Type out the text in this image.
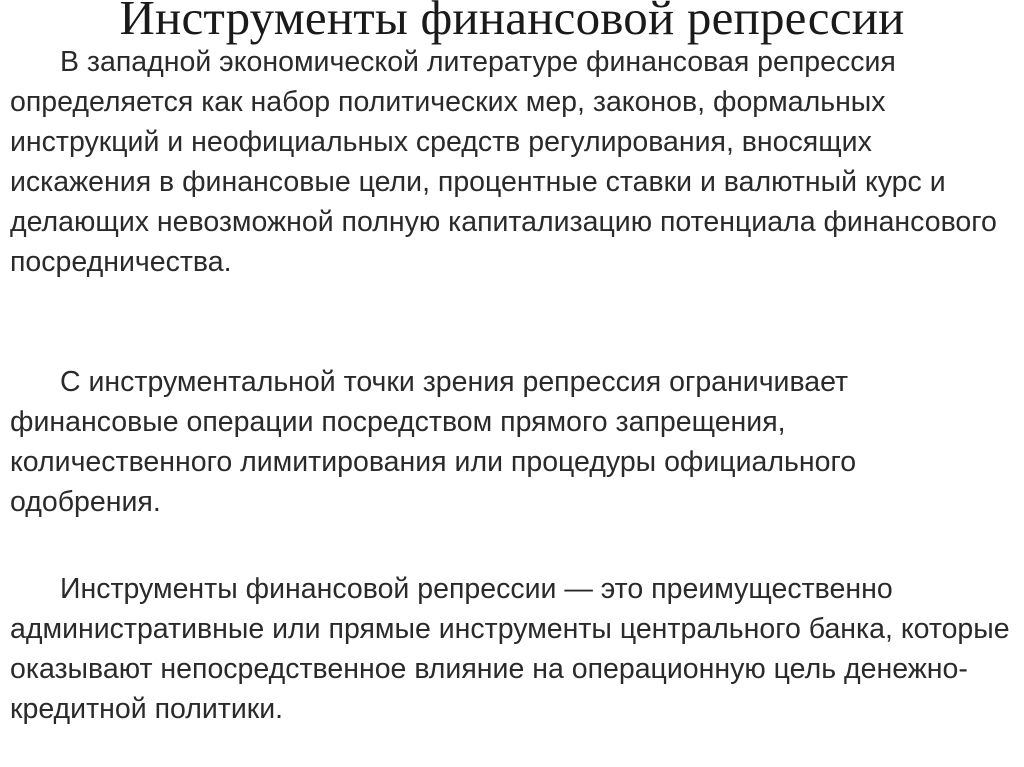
Инструменты финансовой репрессии

В западной экономической литературе финансовая репрессия определяется как набор политических мер, законов, формальных инструкций и неофициальных средств регулирования, вносящих искажения в финансовые цели, процентные ставки и валютный курс и делающих невозможной полную капитализацию потенциала финансового посредничества.

С инструментальной точки зрения репрессия ограничивает финансовые операции посредством прямого запрещения, количественного лимитирования или процедуры официального одобрения.

Инструменты финансовой репрессии — это преимущественно административные или прямые инструменты центрального банка, которые оказывают непосредственное влияние на операционную цель денежно-кредитной политики.
